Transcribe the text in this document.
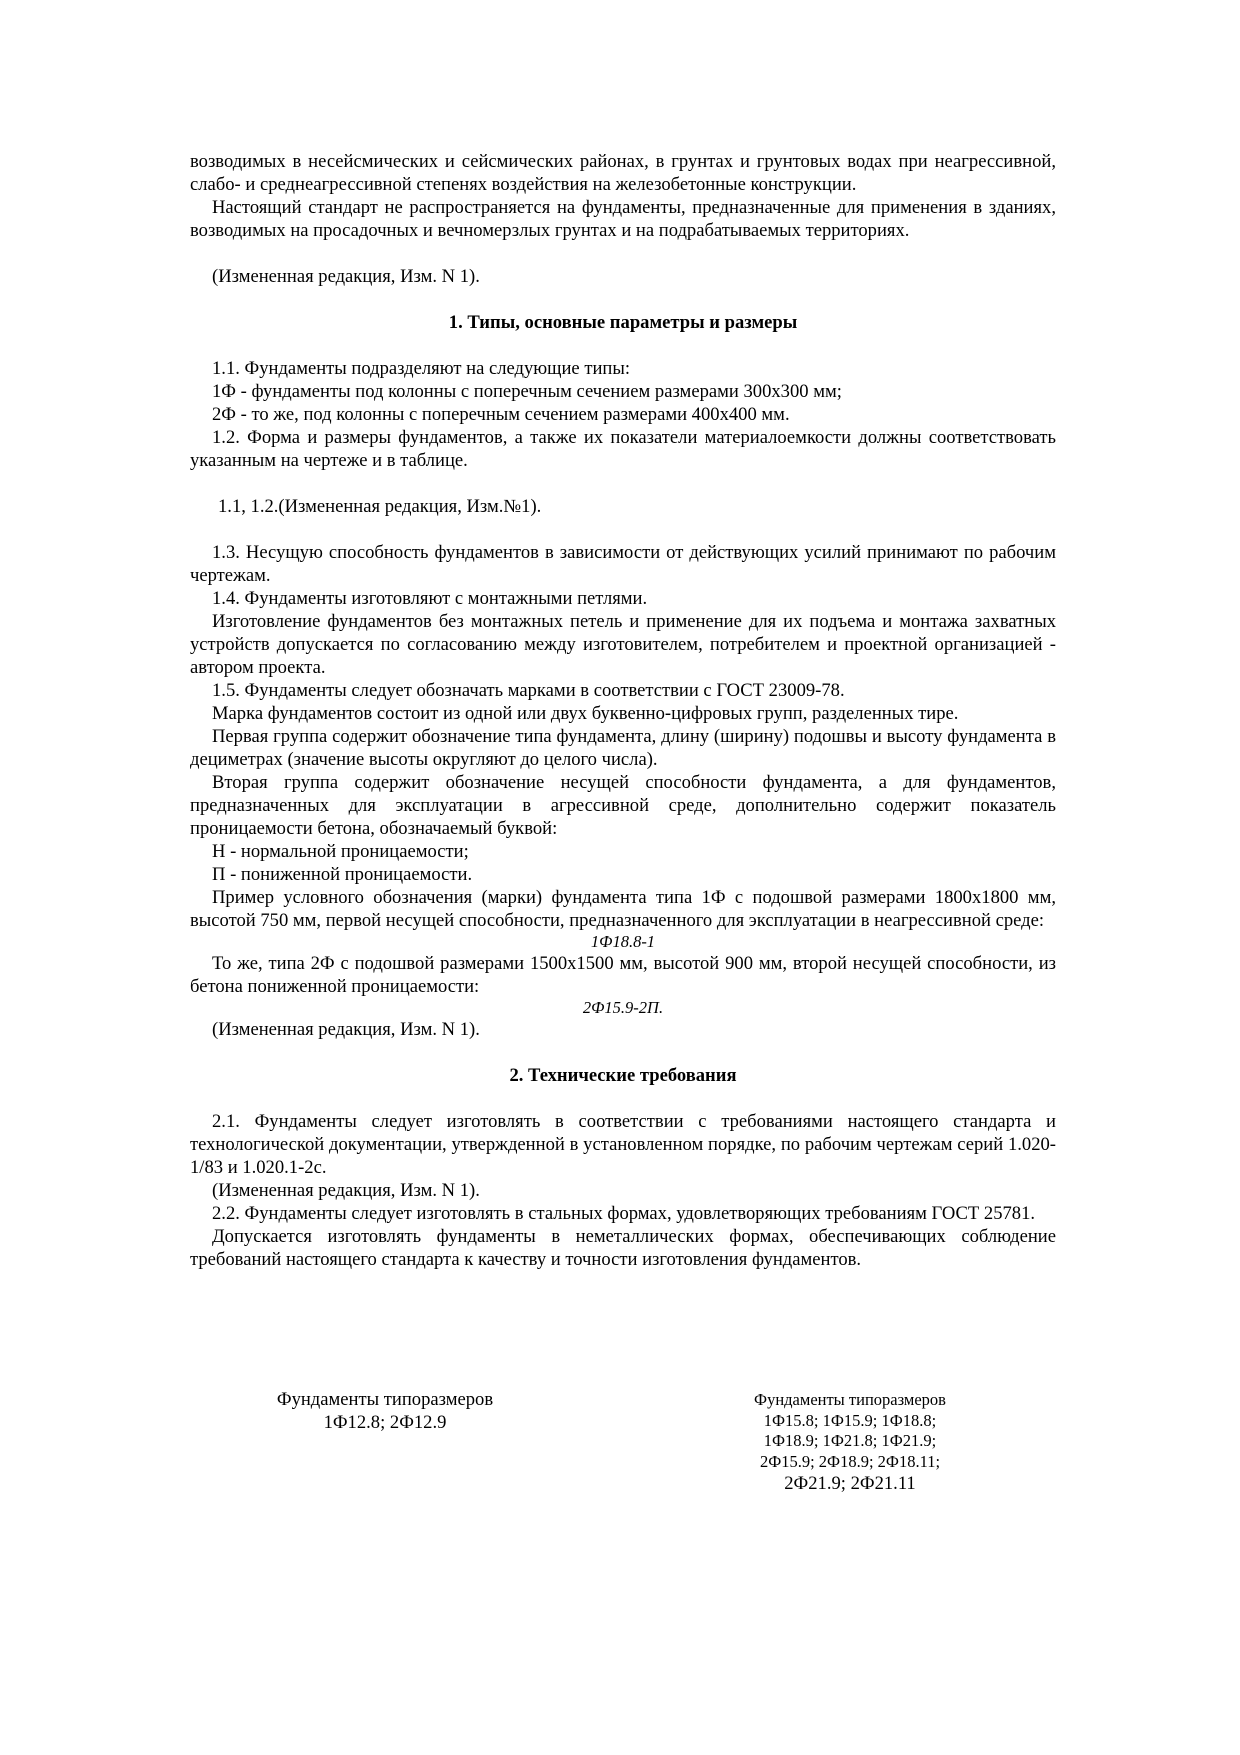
возводимых в несейсмических и сейсмических районах, в грунтах и грунтовых водах при неагрессивной, слабо- и среднеагрессивной степенях воздействия на железобетонные конструкции.

Настоящий стандарт не распространяется на фундаменты, предназначенные для применения в зданиях, возводимых на просадочных и вечномерзлых грунтах и на подрабатываемых территориях.

(Измененная редакция, Изм. N 1).

1. Типы, основные параметры и размеры

1.1. Фундаменты подразделяют на следующие типы:

1Ф - фундаменты под колонны с поперечным сечением размерами 300х300 мм;

2Ф - то же, под колонны с поперечным сечением размерами 400х400 мм.

1.2. Форма и размеры фундаментов, а также их показатели материалоемкости должны соответствовать указанным на чертеже и в таблице.

1.1, 1.2.(Измененная редакция, Изм.№1).

1.3. Несущую способность фундаментов в зависимости от действующих усилий принимают по рабочим чертежам.

1.4. Фундаменты изготовляют с монтажными петлями.

Изготовление фундаментов без монтажных петель и применение для их подъема и монтажа захватных устройств допускается по согласованию между изготовителем, потребителем и проектной организацией - автором проекта.

1.5. Фундаменты следует обозначать марками в соответствии с ГОСТ 23009-78.

Марка фундаментов состоит из одной или двух буквенно-цифровых групп, разделенных тире.

Первая группа содержит обозначение типа фундамента, длину (ширину) подошвы и высоту фундамента в дециметрах (значение высоты округляют до целого числа).

Вторая группа содержит обозначение несущей способности фундамента, а для фундаментов, предназначенных для эксплуатации в агрессивной среде, дополнительно содержит показатель проницаемости бетона, обозначаемый буквой:

Н - нормальной проницаемости;

П - пониженной проницаемости.

Пример условного обозначения (марки) фундамента типа 1Ф с подошвой размерами 1800х1800 мм, высотой 750 мм, первой несущей способности, предназначенного для эксплуатации в неагрессивной среде:

1Ф18.8-1

То же, типа 2Ф с подошвой размерами 1500х1500 мм, высотой 900 мм, второй несущей способности, из бетона пониженной проницаемости:

2Ф15.9-2П.

(Измененная редакция, Изм. N 1).

2. Технические требования

2.1. Фундаменты следует изготовлять в соответствии с требованиями настоящего стандарта и технологической документации, утвержденной в установленном порядке, по рабочим чертежам серий 1.020-1/83 и 1.020.1-2с.

(Измененная редакция, Изм. N 1).

2.2. Фундаменты следует изготовлять в стальных формах, удовлетворяющих требованиям ГОСТ 25781.

Допускается изготовлять фундаменты в неметаллических формах, обеспечивающих соблюдение требований настоящего стандарта к качеству и точности изготовления фундаментов.

Фундаменты типоразмеров
1Ф12.8; 2Ф12.9
Фундаменты типоразмеров
1Ф15.8; 1Ф15.9; 1Ф18.8;
1Ф18.9; 1Ф21.8; 1Ф21.9;
2Ф15.9; 2Ф18.9; 2Ф18.11;
2Ф21.9; 2Ф21.11
